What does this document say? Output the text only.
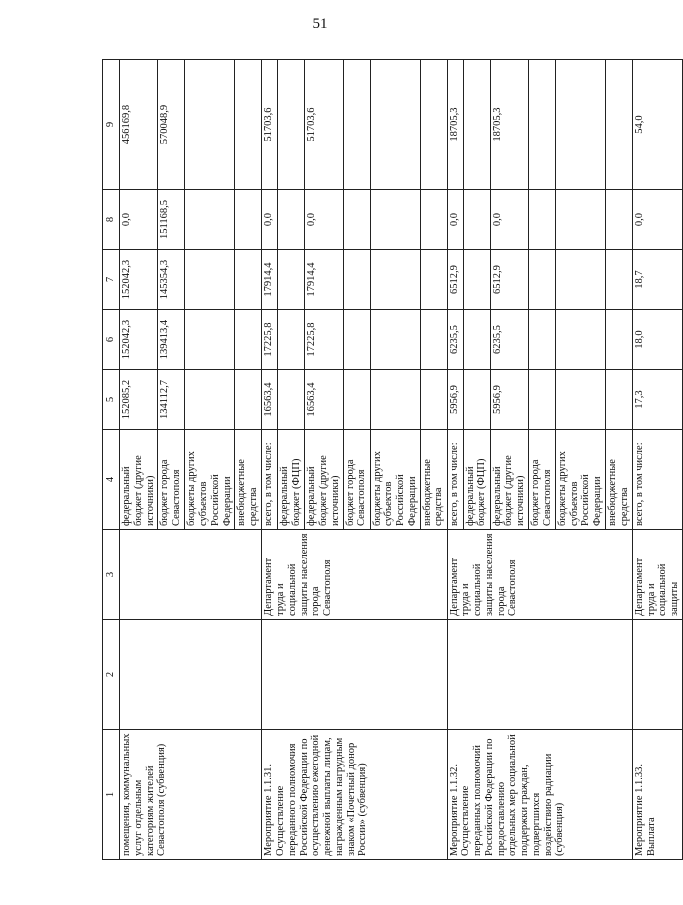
51
1	2	3	4	5	6	7	8	9
помещения, коммунальных услуг отдельным категориям жителей Севастополя (субвенция)			федеральный бюджет (другие источники)	152085,2	152042,3	152042,3	0,0	456169,8
			бюджет города Севастополя	134112,7	139413,4	145354,3	151168,5	570048,9
			бюджеты других субъектов Российской Федерации					
			внебюджетные средства					
Мероприятие 1.1.31. Осуществление переданного полномочия Российской Федерации по осуществлению ежегодной денежной выплаты лицам, награжденным нагрудным знаком «Почетный донор России» (субвенция)		Департамент труда и социальной защиты населения города Севастополя	всего, в том числе:	16563,4	17225,8	17914,4	0,0	51703,6
			федеральный бюджет (ФЦП)					
			федеральный бюджет (другие источники)	16563,4	17225,8	17914,4	0,0	51703,6
			бюджет города Севастополя					
			бюджеты других субъектов Российской Федерации					
			внебюджетные средства					
Мероприятие 1.1.32. Осуществление переданных полномочий Российской Федерации по предоставлению отдельных мер социальной поддержки граждан, подвергшихся воздействию радиации (субвенция)		Департамент труда и социальной защиты населения города Севастополя	всего, в том числе:	5956,9	6235,5	6512,9	0,0	18705,3
			федеральный бюджет (ФЦП)					
			федеральный бюджет (другие источники)	5956,9	6235,5	6512,9	0,0	18705,3
			бюджет города Севастополя					
			бюджеты других субъектов Российской Федерации					
			внебюджетные средства					
Мероприятие 1.1.33. Выплата		Департамент труда и социальной защиты	всего, в том числе:	17,3	18,0	18,7	0,0	54,0
